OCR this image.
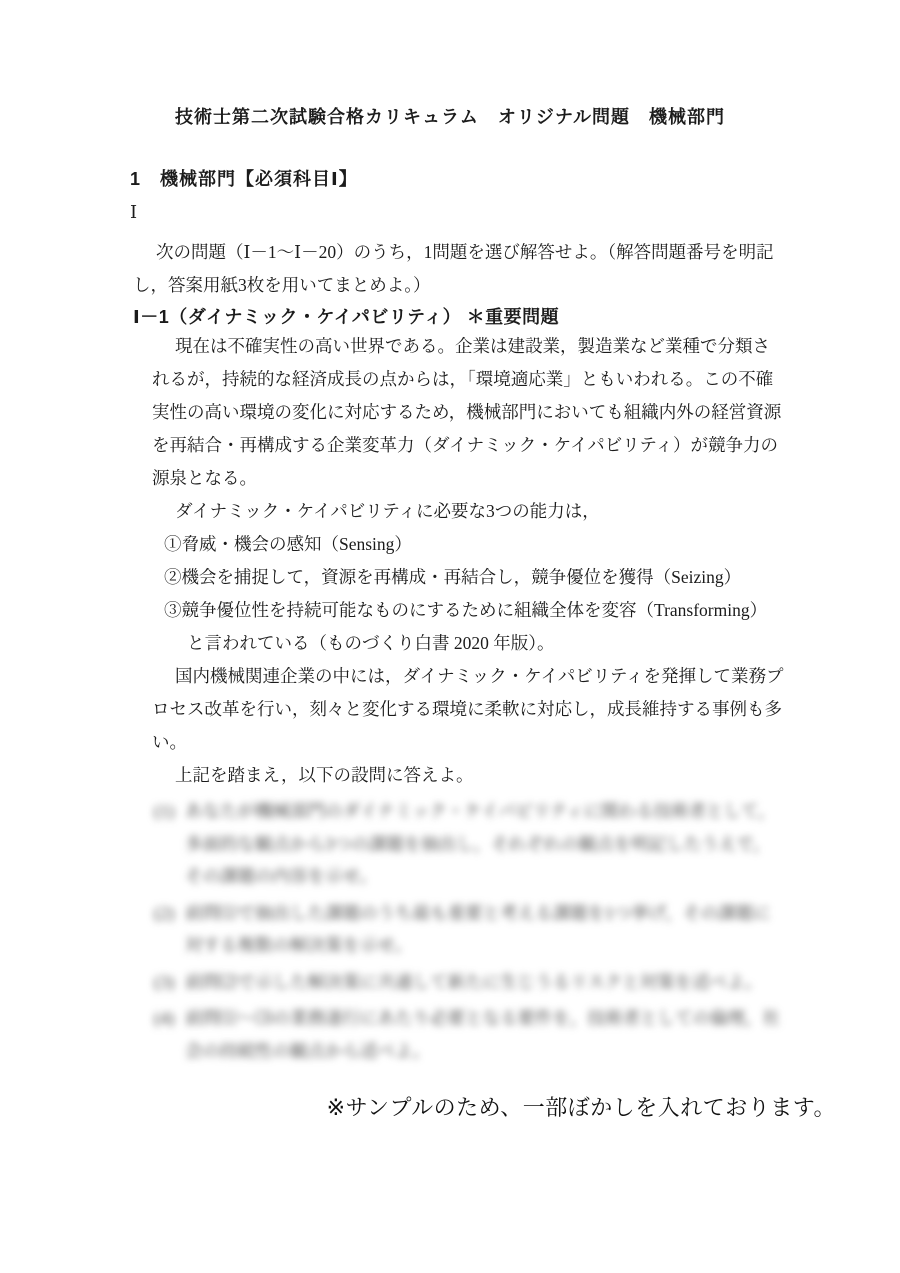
技術士第二次試験合格カリキュラム　オリジナル問題　機械部門
1　機械部門【必須科目Ⅰ】
Ⅰ
次の問題（Ⅰ－1～Ⅰ－20）のうち，1問題を選び解答せよ。（解答問題番号を明記し，答案用紙3枚を用いてまとめよ。）
Ⅰ－1（ダイナミック・ケイパビリティ） ＊重要問題

現在は不確実性の高い世界である。企業は建設業，製造業など業種で分類されるが，持続的な経済成長の点からは，「環境適応業」ともいわれる。この不確実性の高い環境の変化に対応するため，機械部門においても組織内外の経営資源を再結合・再構成する企業変革力（ダイナミック・ケイパビリティ）が競争力の源泉となる。

ダイナミック・ケイパビリティに必要な3つの能力は，

①脅威・機会の感知（Sensing）
②機会を捕捉して，資源を再構成・再結合し，競争優位を獲得（Seizing）
③競争優位性を持続可能なものにするために組織全体を変容（Transforming）

と言われている（ものづくり白書 2020 年版）。

国内機械関連企業の中には，ダイナミック・ケイパビリティを発揮して業務プロセス改革を行い，刻々と変化する環境に柔軟に対応し，成長維持する事例も多い。

上記を踏まえ，以下の設問に答えよ。

(1) あなたが機械部門のダイナミック・ケイパビリティに関わる技術者として，多面的な観点から3つの課題を抽出し，それぞれの観点を明記したうえで，その課題の内容を示せ。
(2) 前問⑴で抽出した課題のうち最も重要と考える課題を1つ挙げ，その課題に対する複数の解決策を示せ。
(3) 前問⑵で示した解決策に共通して新たに生じうるリスクと対策を述べよ。
(4) 前問⑴～⑶の業務遂行にあたり必要となる要件を，技術者としての倫理，社会の持続性の観点から述べよ。
※サンプルのため、一部ぼかしを入れております。
